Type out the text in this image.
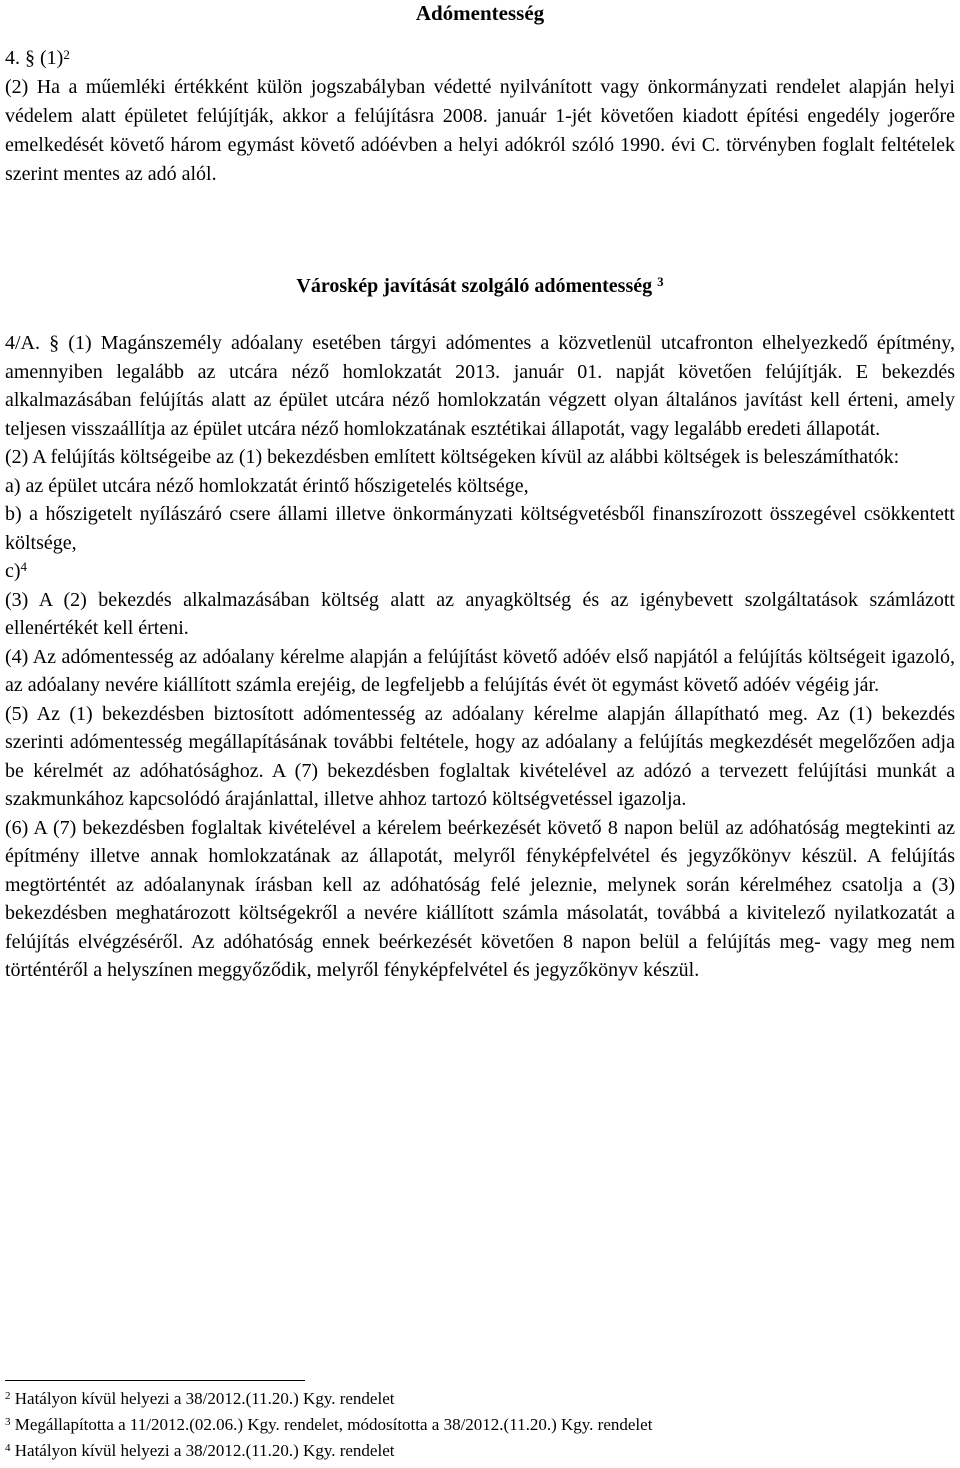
Adómentesség

4. § $(1)^2$

(2) Ha a műemléki értékként külön jogszabályban védetté nyilvánított vagy önkormányzati rendelet alapján helyi védelem alatt épületet felújítják, akkor a felújításra 2008. január 1-jét követően kiadott építési engedély jogerőre emelkedését követő három egymást követő adóévben a helyi adókról szóló 1990. évi C. törvényben foglalt feltételek szerint mentes az adó alól.

Városkép javítását szolgáló adómentesség $^3$

4/A. § (1) Magánszemély adóalany esetében tárgyi adómentes a közvetlenül utcafronton elhelyezkedő építmény, amennyiben legalább az utcára néző homlokzatát 2013. január 01. napját követően felújítják. E bekezdés alkalmazásában felújítás alatt az épület utcára néző homlokzatán végzett olyan általános javítást kell érteni, amely teljesen visszaállítja az épület utcára néző homlokzatának esztétikai állapotát, vagy legalább eredeti állapotát.

(2) A felújítás költségeibe az (1) bekezdésben említett költségeken kívül az alábbi költségek is beleszámíthatók:

a) az épület utcára néző homlokzatát érintő hőszigetelés költsége,

b) a hőszigetelt nyílászáró csere állami illetve önkormányzati költségvetésből finanszírozott összegével csökkentett költsége,

c)$^4$

(3) A (2) bekezdés alkalmazásában költség alatt az anyagköltség és az igénybevett szolgáltatások számlázott ellenértékét kell érteni.

(4) Az adómentesség az adóalany kérelme alapján a felújítást követő adóév első napjától a felújítás költségeit igazoló, az adóalany nevére kiállított számla erejéig, de legfeljebb a felújítás évét öt egymást követő adóév végéig jár.

(5) Az (1) bekezdésben biztosított adómentesség az adóalany kérelme alapján állapítható meg. Az (1) bekezdés szerinti adómentesség megállapításának további feltétele, hogy az adóalany a felújítás megkezdését megelőzően adja be kérelmét az adóhatósághoz. A (7) bekezdésben foglaltak kivételével az adózó a tervezett felújítási munkát a szakmunkához kapcsolódó árajánlattal, illetve ahhoz tartozó költségvetéssel igazolja.

(6) A (7) bekezdésben foglaltak kivételével a kérelem beérkezését követő 8 napon belül az adóhatóság megtekinti az építmény illetve annak homlokzatának az állapotát, melyről fényképfelvétel és jegyzőkönyv készül. A felújítás megtörténtét az adóalanynak írásban kell az adóhatóság felé jeleznie, melynek során kérelméhez csatolja a (3) bekezdésben meghatározott költségekről a nevére kiállított számla másolatát, továbbá a kivitelező nyilatkozatát a felújítás elvégzéséről. Az adóhatóság ennek beérkezését követően 8 napon belül a felújítás meg- vagy meg nem történtéről a helyszínen meggyőződik, melyről fényképfelvétel és jegyzőkönyv készül.

$^2$ Hatályon kívül helyezi a 38/2012.(11.20.) Kgy. rendelet
$^3$ Megállapította a 11/2012.(02.06.) Kgy. rendelet, módosította a 38/2012.(11.20.) Kgy. rendelet
$^4$ Hatályon kívül helyezi a 38/2012.(11.20.) Kgy. rendelet
